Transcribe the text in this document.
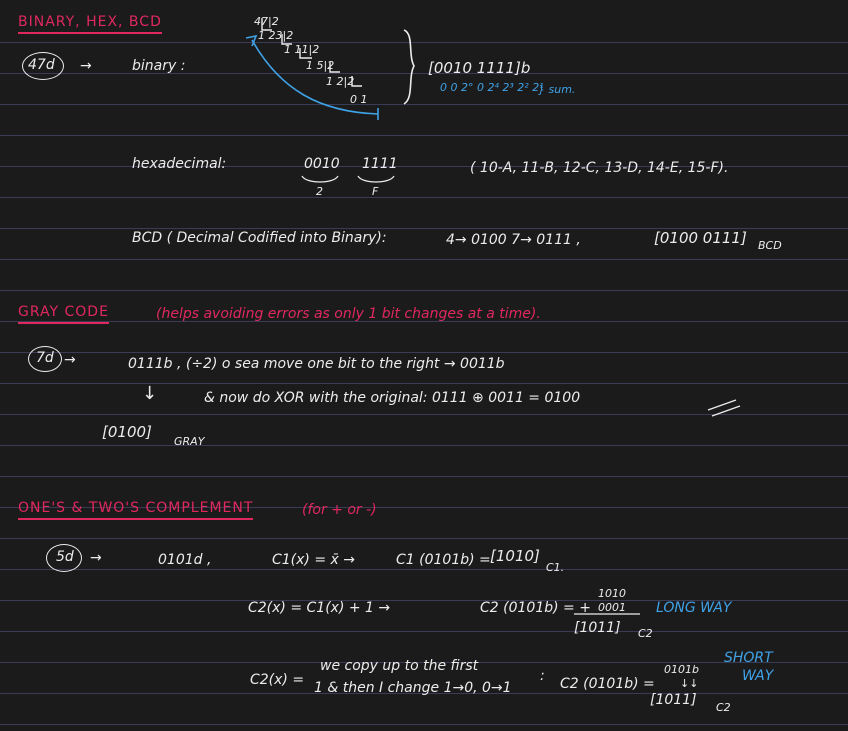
BINARY, HEX, BCD
47d →	binary :
47|2
1 23|2
1 11|2
1 5|2
1 2|2
0 1
[0010 1111]b
0 0 2° 0 2⁴ 2³ 2² 2¹
} sum.
hexadecimal:	0010 1111
2	F
( 10-A, 11-B, 12-C, 13-D, 14-E, 15-F).
BCD ( Decimal Codified into Binary):	4→ 0100 7→ 0111 ,	[0100 0111] BCD
GRAY CODE	(helps avoiding errors as only 1 bit changes at a time).
7d →	0111b , (÷2) o sea move one bit to the right → 0011b
↓	& now do XOR with the original: 0111 ⊕ 0011 = 0100
[0100]
GRAY
ONE'S & TWO'S COMPLEMENT	(for + or -)
5d →	0101d ,	C1(x) = x̄ →	C1 (0101b) = [1010]
C1.
C2(x) = C1(x) + 1 →	C2 (0101b) = +
1010
0001
[1011] C2
LONG WAY
C2(x) =
we copy up to the first
1 & then I change 1→0, 0→1
: C2 (0101b) =
0101b
↓↓
[1011] C2
SHORT
WAY
